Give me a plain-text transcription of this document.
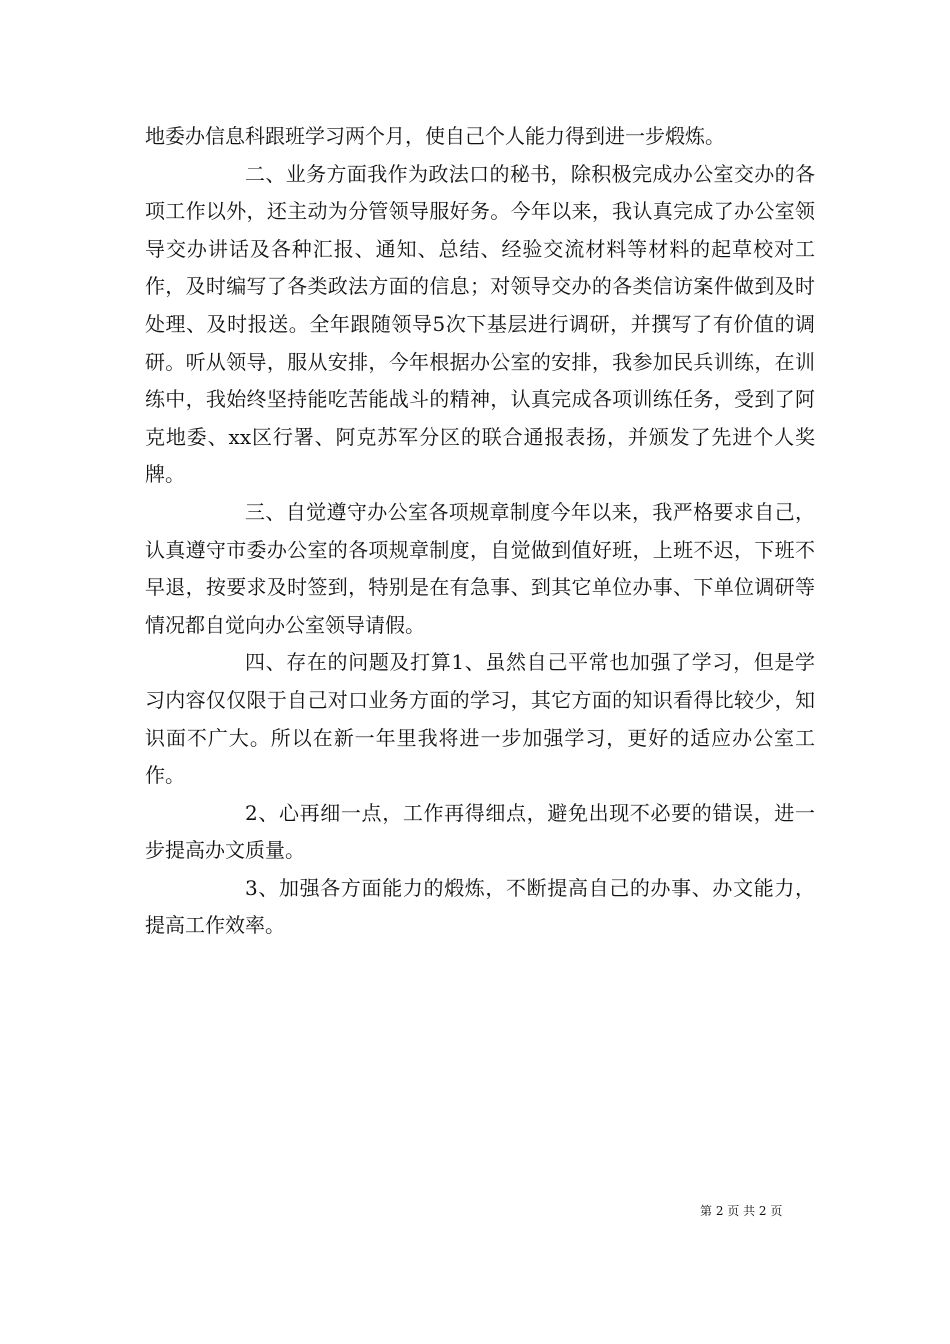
地委办信息科跟班学习两个月，使自己个人能力得到进一步煅炼。

二、业务方面我作为政法口的秘书，除积极完成办公室交办的各项工作以外，还主动为分管领导服好务。今年以来，我认真完成了办公室领导交办讲话及各种汇报、通知、总结、经验交流材料等材料的起草校对工作，及时编写了各类政法方面的信息；对领导交办的各类信访案件做到及时处理、及时报送。全年跟随领导5次下基层进行调研，并撰写了有价值的调研。听从领导，服从安排，今年根据办公室的安排，我参加民兵训练，在训练中，我始终坚持能吃苦能战斗的精神，认真完成各项训练任务，受到了阿克地委、xx区行署、阿克苏军分区的联合通报表扬，并颁发了先进个人奖牌。

三、自觉遵守办公室各项规章制度今年以来，我严格要求自己，认真遵守市委办公室的各项规章制度，自觉做到值好班，上班不迟，下班不早退，按要求及时签到，特别是在有急事、到其它单位办事、下单位调研等情况都自觉向办公室领导请假。

四、存在的问题及打算1、虽然自己平常也加强了学习，但是学习内容仅仅限于自己对口业务方面的学习，其它方面的知识看得比较少，知识面不广大。所以在新一年里我将进一步加强学习，更好的适应办公室工作。

2、心再细一点，工作再得细点，避免出现不必要的错误，进一步提高办文质量。

3、加强各方面能力的煅炼，不断提高自己的办事、办文能力，提高工作效率。

第 2 页 共 2 页
